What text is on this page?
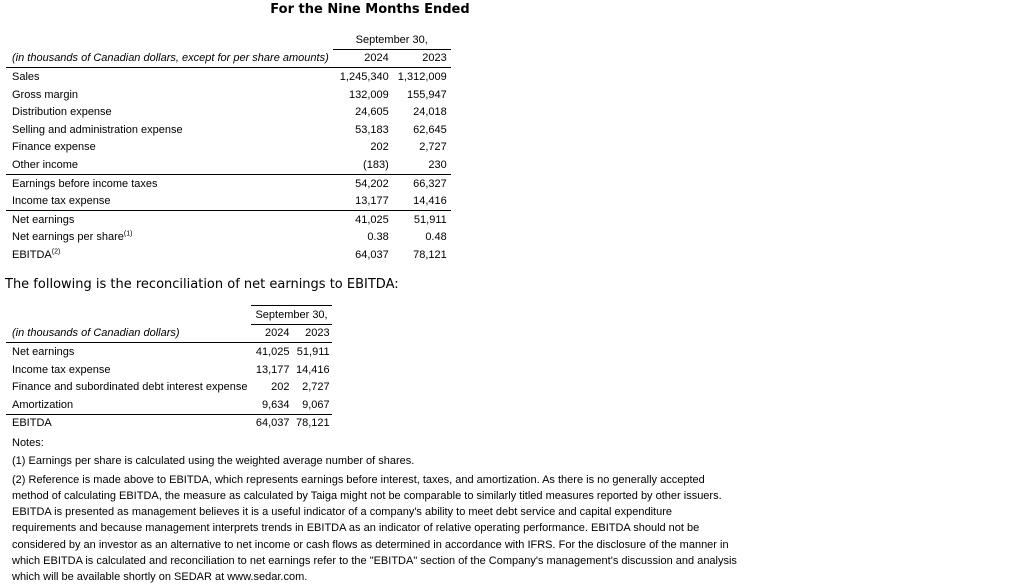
For the Nine Months Ended
	September 30,	
(in thousands of Canadian dollars, except for per share amounts)	2024	2023
Sales	1,245,340	1,312,009
Gross margin	132,009	155,947
Distribution expense	24,605	24,018
Selling and administration expense	53,183	62,645
Finance expense	202	2,727
Other income	(183)	230
Earnings before income taxes	54,202	66,327
Income tax expense	13,177	14,416
Net earnings	41,025	51,911
Net earnings per share$^{(1)}$	0.38	0.48
EBITDA$^{(2)}$	64,037	78,121
The following is the reconciliation of net earnings to EBITDA:
	September 30,	
(in thousands of Canadian dollars)	2024	2023
Net earnings	41,025	51,911
Income tax expense	13,177	14,416
Finance and subordinated debt interest expense	202	2,727
Amortization	9,634	9,067
EBITDA	64,037	78,121

Notes:

(1) Earnings per share is calculated using the weighted average number of shares.

(2) Reference is made above to EBITDA, which represents earnings before interest, taxes, and amortization. As there is no generally accepted method of calculating EBITDA, the measure as calculated by Taiga might not be comparable to similarly titled measures reported by other issuers. EBITDA is presented as management believes it is a useful indicator of a company's ability to meet debt service and capital expenditure requirements and because management interprets trends in EBITDA as an indicator of relative operating performance. EBITDA should not be considered by an investor as an alternative to net income or cash flows as determined in accordance with IFRS. For the disclosure of the manner in which EBITDA is calculated and reconciliation to net earnings refer to the "EBITDA" section of the Company's management's discussion and analysis which will be available shortly on SEDAR at www.sedar.com.
